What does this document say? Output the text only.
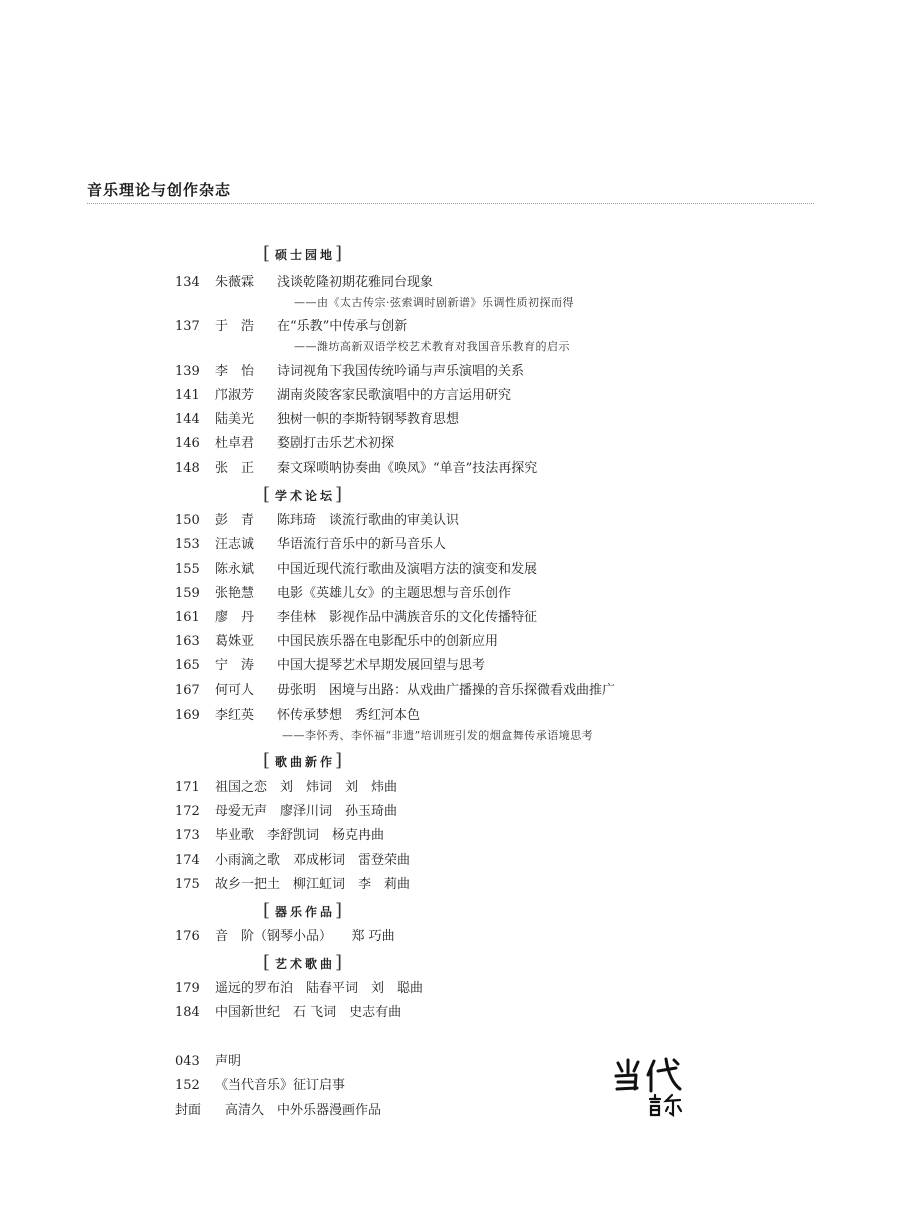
音乐理论与创作杂志
[ 硕士园地]
134 朱薇霖 浅谈乾隆初期花雅同台现象
——由《太古传宗·弦索调时剧新谱》乐调性质初探而得
137 于　浩 在“乐教”中传承与创新
——潍坊高新双语学校艺术教育对我国音乐教育的启示
139 李　怡 诗词视角下我国传统吟诵与声乐演唱的关系
141 邝淑芳 湖南炎陵客家民歌演唱中的方言运用研究
144 陆美光 独树一帜的李斯特钢琴教育思想
146 杜卓君 婺剧打击乐艺术初探
148 张　正 秦文琛唢呐协奏曲《唤凤》“单音”技法再探究
[ 学术论坛]
150 彭　青 陈玮琦　谈流行歌曲的审美认识
153 汪志诚 华语流行音乐中的新马音乐人
155 陈永斌 中国近现代流行歌曲及演唱方法的演变和发展
159 张艳慧 电影《英雄儿女》的主题思想与音乐创作
161 廖　丹 李佳林　影视作品中满族音乐的文化传播特征
163 葛姝亚 中国民族乐器在电影配乐中的创新应用
165 宁　涛 中国大提琴艺术早期发展回望与思考
167 何可人 毋张明　困境与出路：从戏曲广播操的音乐探微看戏曲推广
169 李红英 怀传承梦想　秀红河本色
——李怀秀、李怀福“非遗”培训班引发的烟盒舞传承语境思考
[ 歌曲新作]
171 祖国之恋　刘　炜词　刘　炜曲
172 母爱无声　廖泽川词　孙玉琦曲
173 毕业歌　李舒凯词　杨克冉曲
174 小雨滴之歌　邓成彬词　雷登荣曲
175 故乡一把土　柳江虹词　李　莉曲
[ 器乐作品]
176 音　阶（钢琴小品）　　郑 巧曲
[ 艺术歌曲]
179 遥远的罗布泊　陆春平词　刘　聪曲
184 中国新世纪　石 飞词　史志有曲
043 声明
152 《当代音乐》征订启事
封面 高清久　中外乐器漫画作品
